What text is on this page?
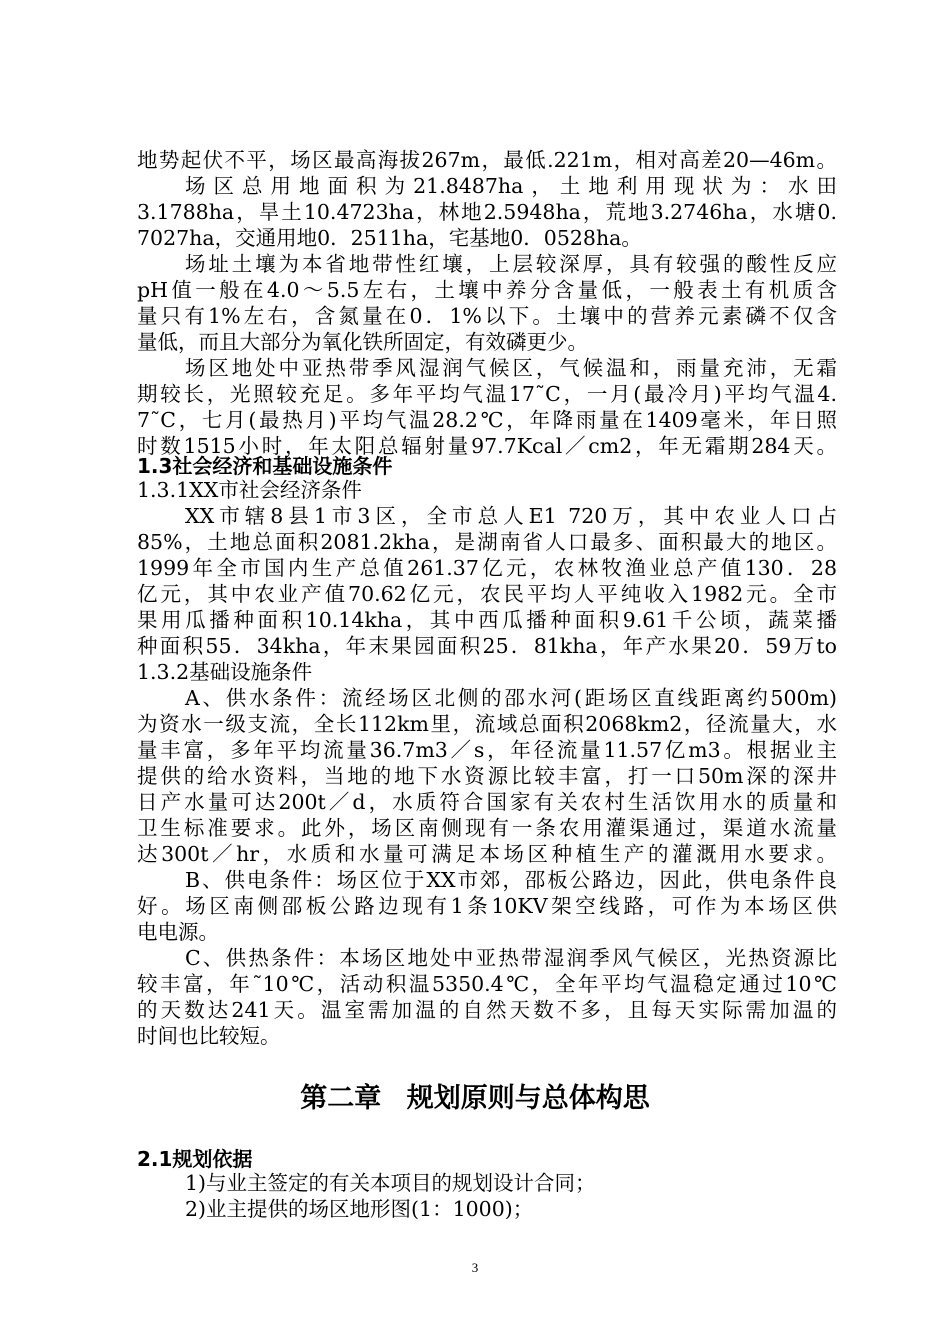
地势起伏不平，场区最高海拔267m，最低.221m，相对高差20—46m。
场区总用地面积为21.8487ha，土地利用现状为：水田
3.1788ha，旱土10.4723ha，林地2.5948ha，荒地3.2746ha，水塘0.
7027ha，交通用地0．2511ha，宅基地0．0528ha。
场址土壤为本省地带性红壤，上层较深厚，具有较强的酸性反应
pH值一般在4.0～5.5左右，土壤中养分含量低，一般表土有机质含
量只有1%左右，含氮量在0．1%以下。土壤中的营养元素磷不仅含
量低，而且大部分为氧化铁所固定，有效磷更少。
场区地处中亚热带季风湿润气候区，气候温和，雨量充沛，无霜
期较长，光照较充足。多年平均气温17˜C，一月(最冷月)平均气温4.
7˜C，七月(最热月)平均气温28.2℃，年降雨量在1409毫米，年日照
时数1515小时，年太阳总辐射量97.7Kcal／cm2，年无霜期284天。
1.3社会经济和基础设施条件
1.3.1XX市社会经济条件
XX市辖8县1市3区，全市总人E1 720万，其中农业人口占
85%，土地总面积2081.2kha，是湖南省人口最多、面积最大的地区。
1999年全市国内生产总值261.37亿元，农林牧渔业总产值130．28
亿元，其中农业产值70.62亿元，农民平均人平纯收入1982元。全市
果用瓜播种面积10.14kha，其中西瓜播种面积9.61千公顷，蔬菜播
种面积55．34kha，年末果园面积25．81kha，年产水果20．59万to
1.3.2基础设施条件
A、供水条件：流经场区北侧的邵水河(距场区直线距离约500m)
为资水一级支流，全长112km里，流域总面积2068km2，径流量大，水
量丰富，多年平均流量36.7m3／s，年径流量11.57亿m3。根据业主
提供的给水资料，当地的地下水资源比较丰富，打一口50m深的深井
日产水量可达200t／d，水质符合国家有关农村生活饮用水的质量和
卫生标准要求。此外，场区南侧现有一条农用灌渠通过，渠道水流量
达300t／hr，水质和水量可满足本场区种植生产的灌溉用水要求。
B、供电条件：场区位于XX市郊，邵板公路边，因此，供电条件良
好。场区南侧邵板公路边现有1条10KV架空线路，可作为本场区供
电电源。
C、供热条件：本场区地处中亚热带湿润季风气候区，光热资源比
较丰富，年˜10℃，活动积温5350.4℃，全年平均气温稳定通过10℃
的天数达241天。温室需加温的自然天数不多，且每天实际需加温的
时间也比较短。
第二章 规划原则与总体构思
2.1规划依据
1)与业主签定的有关本项目的规划设计合同；
2)业主提供的场区地形图(1：1000)；
3
